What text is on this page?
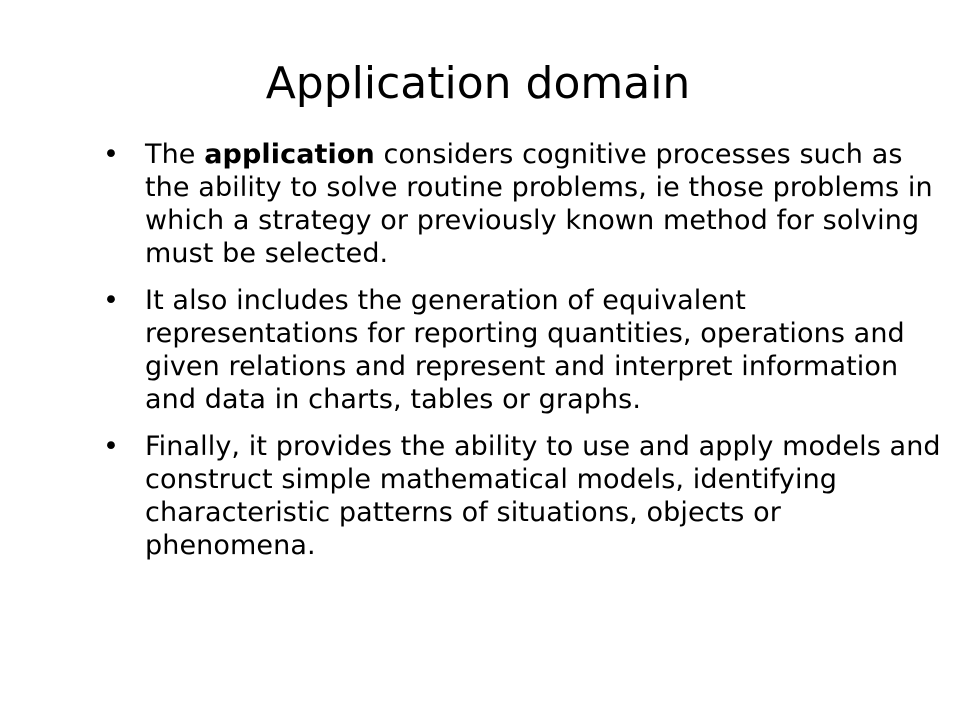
Application domain
• The application considers cognitive processes such as the ability to solve routine problems, ie those problems in which a strategy or previously known method for solving must be selected.
• It also includes the generation of equivalent representations for reporting quantities, operations and given relations and represent and interpret information and data in charts, tables or graphs.
• Finally, it provides the ability to use and apply models and construct simple mathematical models, identifying characteristic patterns of situations, objects or phenomena.
